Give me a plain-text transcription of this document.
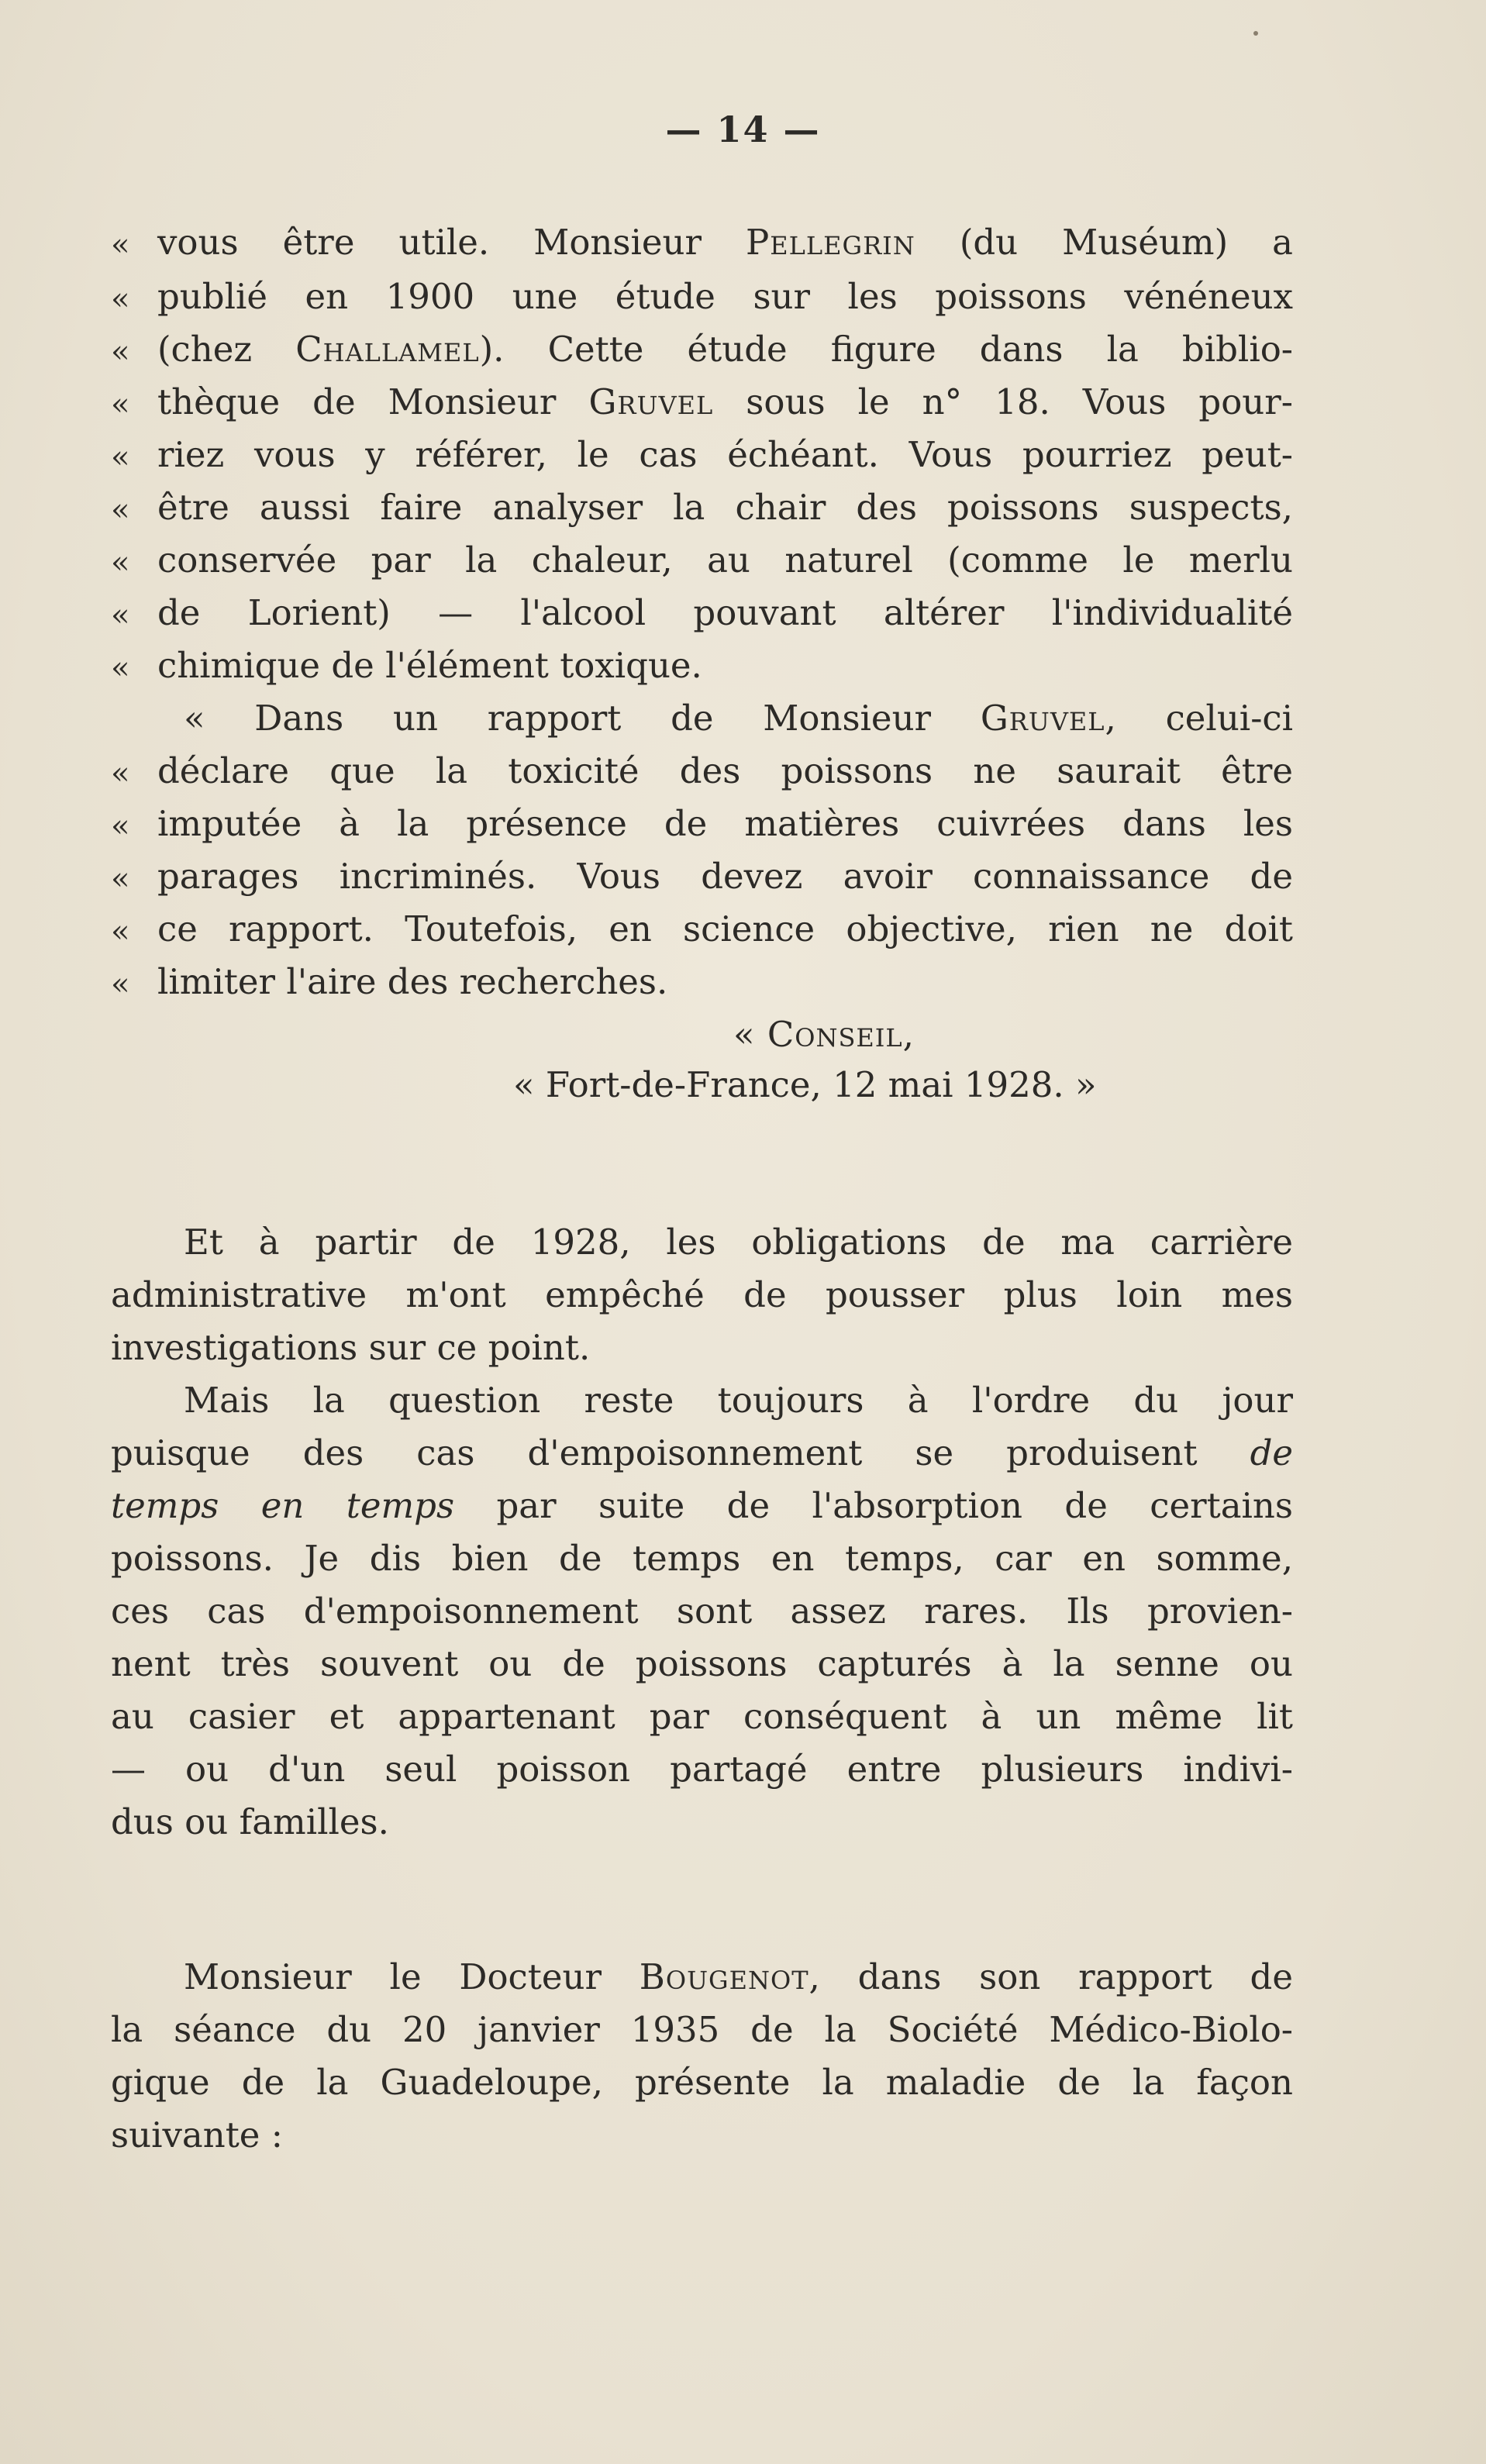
— 14 —
« vous être utile. Monsieur Pellegrin (du Muséum) a
« publié en 1900 une étude sur les poissons vénéneux
« (chez Challamel). Cette étude figure dans la biblio-
« thèque de Monsieur Gruvel sous le n° 18. Vous pour-
« riez vous y référer, le cas échéant. Vous pourriez peut-
« être aussi faire analyser la chair des poissons suspects,
« conservée par la chaleur, au naturel (comme le merlu
« de Lorient) — l'alcool pouvant altérer l'individualité
« chimique de l'élément toxique.
« Dans un rapport de Monsieur Gruvel, celui-ci
« déclare que la toxicité des poissons ne saurait être
« imputée à la présence de matières cuivrées dans les
« parages incriminés. Vous devez avoir connaissance de
« ce rapport. Toutefois, en science objective, rien ne doit
« limiter l'aire des recherches.
« Conseil,
« Fort-de-France, 12 mai 1928. »
Et à partir de 1928, les obligations de ma carrière
administrative m'ont empêché de pousser plus loin mes
investigations sur ce point.
Mais la question reste toujours à l'ordre du jour
puisque des cas d'empoisonnement se produisent de
temps en temps par suite de l'absorption de certains
poissons. Je dis bien de temps en temps, car en somme,
ces cas d'empoisonnement sont assez rares. Ils provien-
nent très souvent ou de poissons capturés à la senne ou
au casier et appartenant par conséquent à un même lit
— ou d'un seul poisson partagé entre plusieurs indivi-
dus ou familles.
Monsieur le Docteur Bougenot, dans son rapport de
la séance du 20 janvier 1935 de la Société Médico-Biolo-
gique de la Guadeloupe, présente la maladie de la façon
suivante :
